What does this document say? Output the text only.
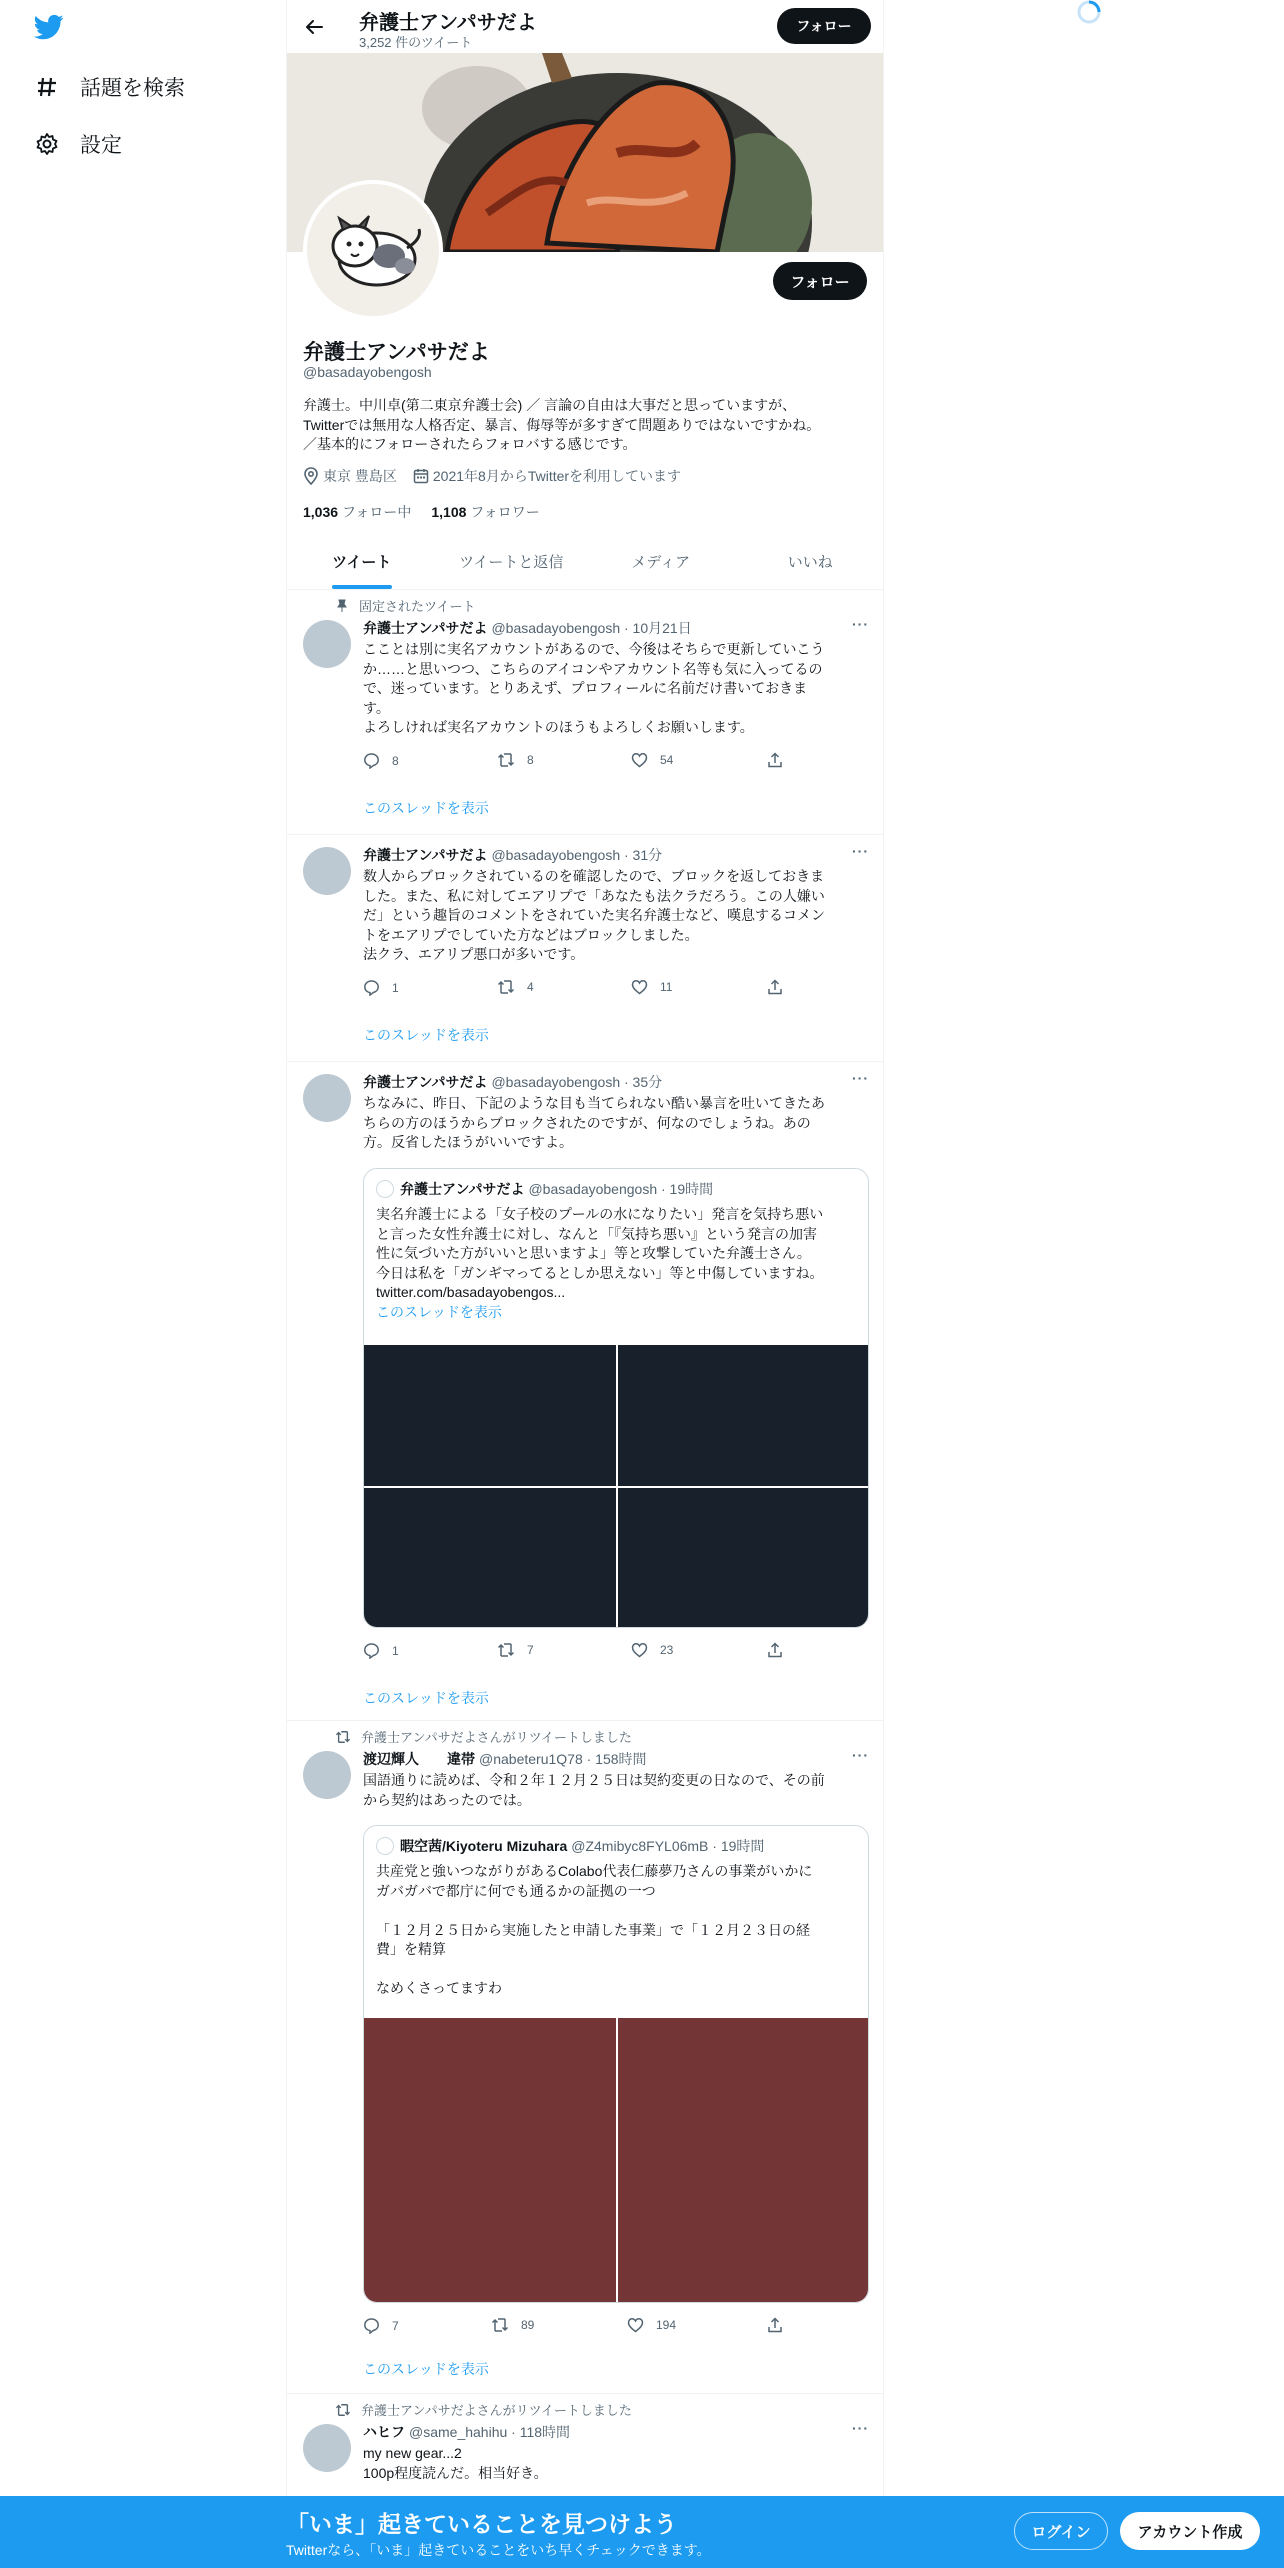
話題を検索
設定
弁護士アンパサだよ
3,252 件のツイート
フォロー
フォロー
弁護士アンパサだよ
@basadayobengosh
弁護士。中川卓(第二東京弁護士会) ／ 言論の自由は大事だと思っていますが、
Twitterでは無用な人格否定、暴言、侮辱等が多すぎて問題ありではないですかね。
／基本的にフォローされたらフォロバする感じです。
東京 豊島区	2021年8月からTwitterを利用しています
1,036 フォロー中 1,108 フォロワー
ツイート	ツイートと返信	メディア	いいね
固定されたツイート
弁護士アンパサだよ @basadayobengosh · 10月21日	···
こことは別に実名アカウントがあるので、今後はそちらで更新していこう
か……と思いつつ、こちらのアイコンやアカウント名等も気に入ってるの
で、迷っています。とりあえず、プロフィールに名前だけ書いておきま
す。
よろしければ実名アカウントのほうもよろしくお願いします。
8	8	54
このスレッドを表示
弁護士アンパサだよ @basadayobengosh · 31分	···
数人からブロックされているのを確認したので、ブロックを返しておきま
した。また、私に対してエアリプで「あなたも法クラだろう。この人嫌い
だ」という趣旨のコメントをされていた実名弁護士など、嘆息するコメン
トをエアリプでしていた方などはブロックしました。
法クラ、エアリプ悪口が多いです。
1	4	11
このスレッドを表示
弁護士アンパサだよ @basadayobengosh · 35分	···
ちなみに、昨日、下記のような目も当てられない酷い暴言を吐いてきたあ
ちらの方のほうからブロックされたのですが、何なのでしょうね。あの
方。反省したほうがいいですよ。
弁護士アンパサだよ @basadayobengosh · 19時間
実名弁護士による「女子校のプールの水になりたい」発言を気持ち悪い
と言った女性弁護士に対し、なんと「『気持ち悪い』という発言の加害
性に気づいた方がいいと思いますよ」等と攻撃していた弁護士さん。
今日は私を「ガンギマってるとしか思えない」等と中傷していますね。
twitter.com/basadayobengos...
このスレッドを表示
1	7	23
このスレッドを表示
弁護士アンパサだよさんがリツイートしました
渡辺輝人　　違帯 @nabeteru1Q78 · 158時間	···
国語通りに読めば、令和２年１２月２５日は契約変更の日なので、その前
から契約はあったのでは。
暇空茜/Kiyoteru Mizuhara @Z4mibyc8FYL06mB · 19時間
共産党と強いつながりがあるColabo代表仁藤夢乃さんの事業がいかに
ガバガバで都庁に何でも通るかの証拠の一つ
「１２月２５日から実施したと申請した事業」で「１２月２３日の経
費」を精算
なめくさってますわ
7	89	194
このスレッドを表示
弁護士アンパサだよさんがリツイートしました
ハヒフ @same_hahihu · 118時間	···
my new gear...2
100p程度読んだ。相当好き。
「いま」起きていることを見つけよう
Twitterなら、「いま」起きていることをいち早くチェックできます。
ログイン	アカウント作成
